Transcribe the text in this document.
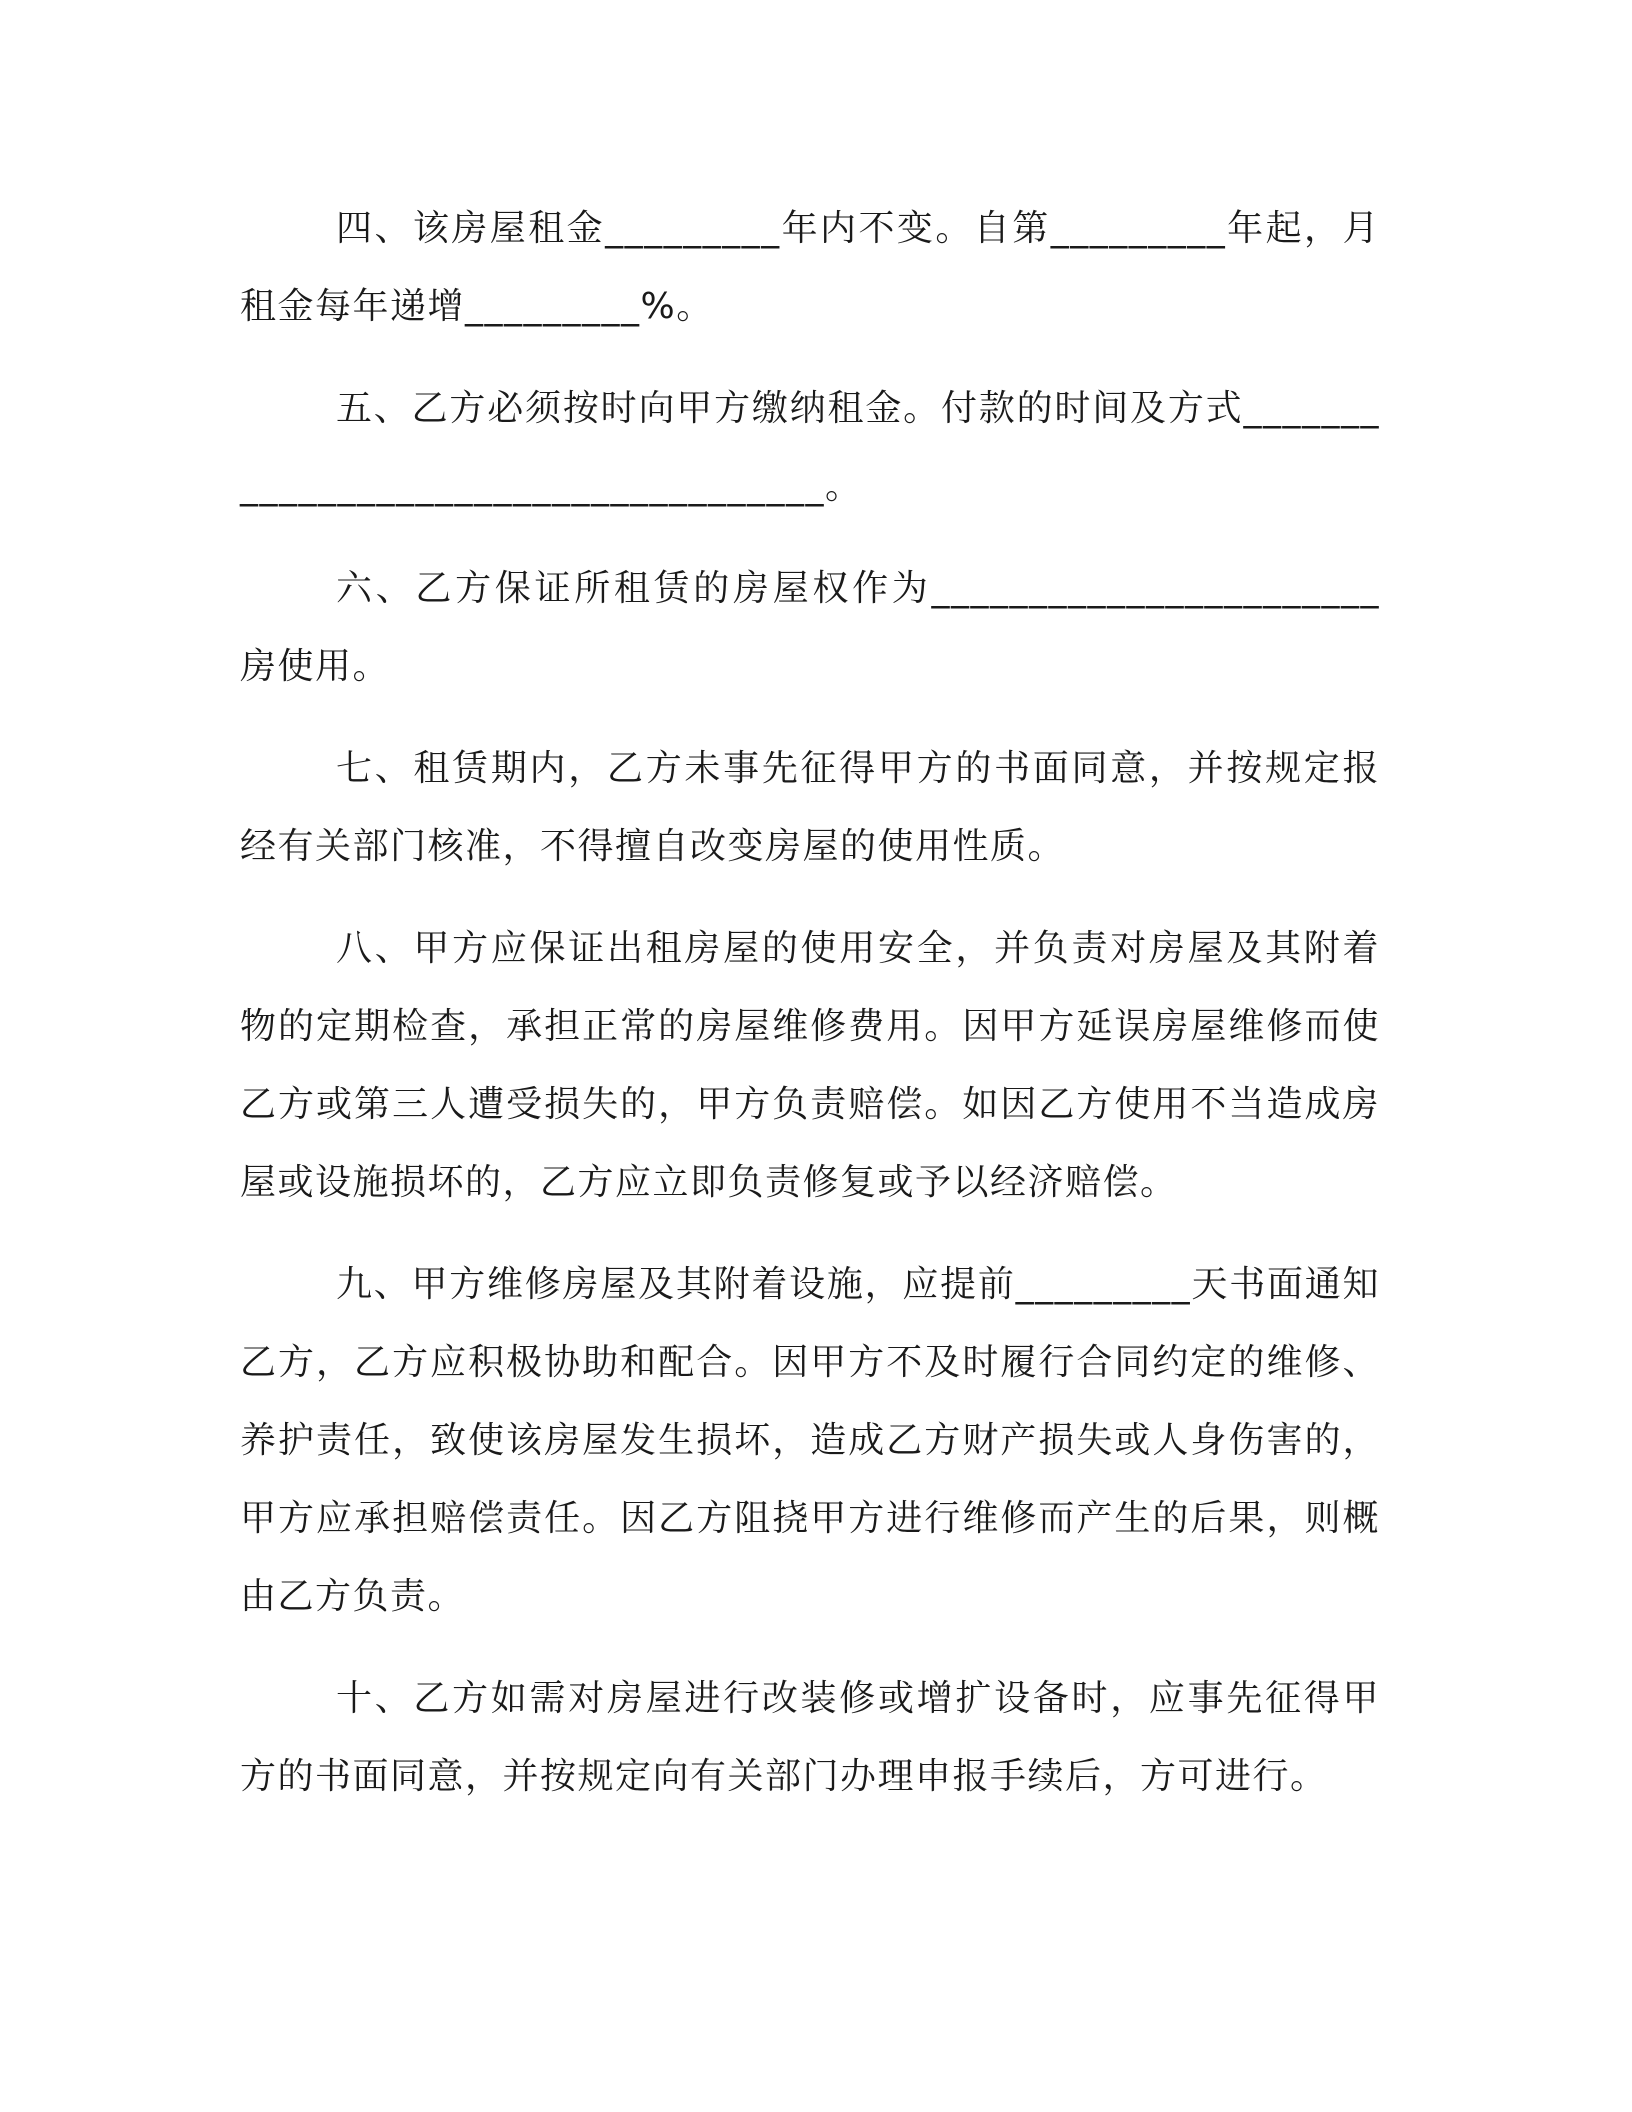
四、该房屋租金_________年内不变。自第_________年起，月租金每年递增_________%。

五、乙方必须按时向甲方缴纳租金。付款的时间及方式_____________________________________。

六、乙方保证所租赁的房屋权作为_______________________房使用。

七、租赁期内，乙方未事先征得甲方的书面同意，并按规定报经有关部门核准，不得擅自改变房屋的使用性质。

八、甲方应保证出租房屋的使用安全，并负责对房屋及其附着物的定期检查，承担正常的房屋维修费用。因甲方延误房屋维修而使乙方或第三人遭受损失的，甲方负责赔偿。如因乙方使用不当造成房屋或设施损坏的，乙方应立即负责修复或予以经济赔偿。

九、甲方维修房屋及其附着设施，应提前_________天书面通知乙方，乙方应积极协助和配合。因甲方不及时履行合同约定的维修、养护责任，致使该房屋发生损坏，造成乙方财产损失或人身伤害的，甲方应承担赔偿责任。因乙方阻挠甲方进行维修而产生的后果，则概由乙方负责。

十、乙方如需对房屋进行改装修或增扩设备时，应事先征得甲方的书面同意，并按规定向有关部门办理申报手续后，方可进行。
